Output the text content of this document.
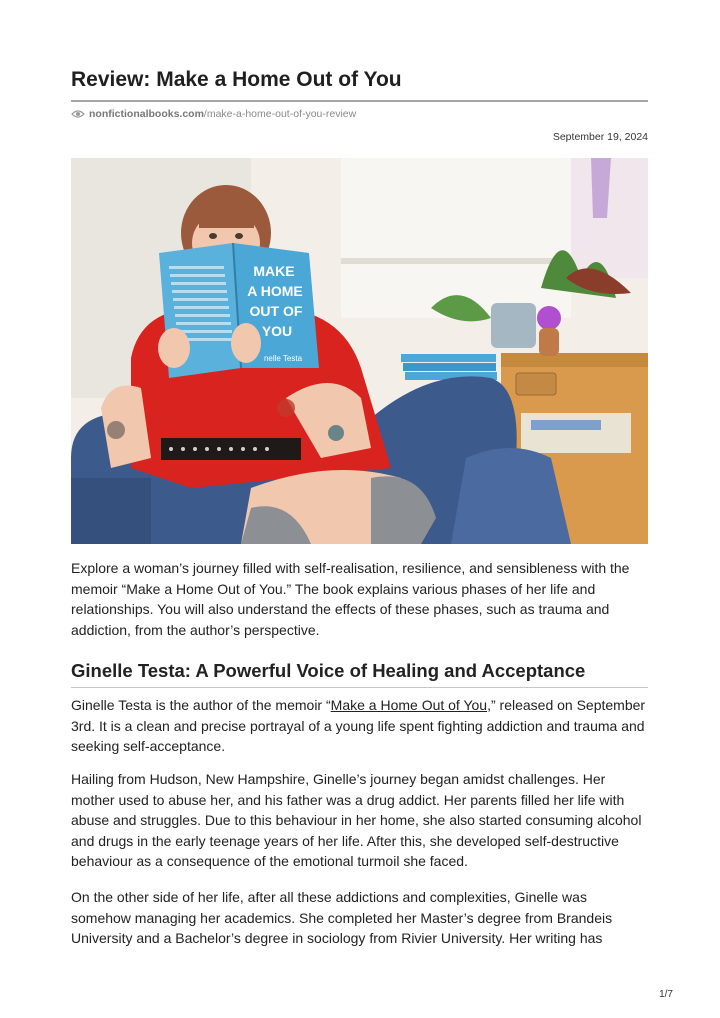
Review: Make a Home Out of You
nonfictionalbooks.com /make-a-home-out-of-you-review
September 19, 2024
MAKE
A HOME
OUT OF
YOU
nelle Testa

Explore a woman’s journey filled with self-realisation, resilience, and sensibleness with the memoir “Make a Home Out of You.” The book explains various phases of her life and relationships. You will also understand the effects of these phases, such as trauma and addiction, from the author’s perspective.

Ginelle Testa: A Powerful Voice of Healing and Acceptance

Ginelle Testa is the author of the memoir “Make a Home Out of You,” released on September 3rd. It is a clean and precise portrayal of a young life spent fighting addiction and trauma and seeking self-acceptance.

Hailing from Hudson, New Hampshire, Ginelle’s journey began amidst challenges. Her mother used to abuse her, and his father was a drug addict. Her parents filled her life with abuse and struggles. Due to this behaviour in her home, she also started consuming alcohol and drugs in the early teenage years of her life. After this, she developed self-destructive behaviour as a consequence of the emotional turmoil she faced.

On the other side of her life, after all these addictions and complexities, Ginelle was somehow managing her academics. She completed her Master’s degree from Brandeis University and a Bachelor’s degree in sociology from Rivier University. Her writing has

1/7
